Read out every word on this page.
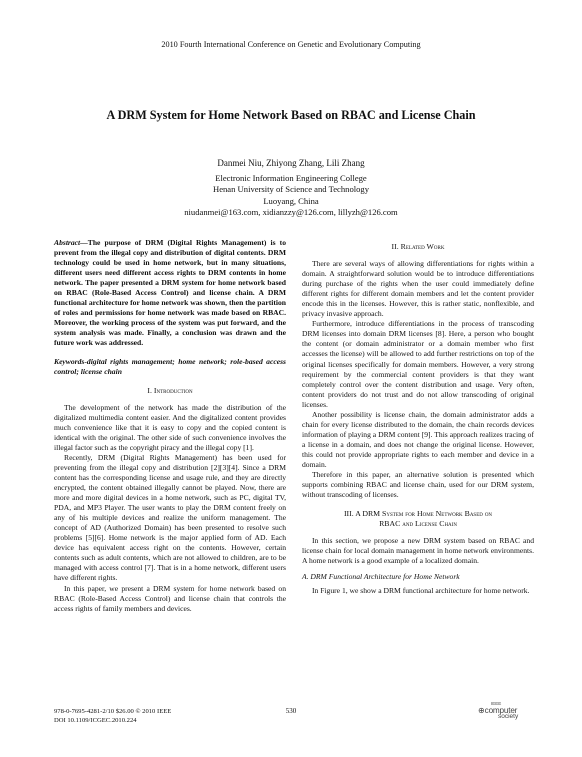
2010 Fourth International Conference on Genetic and Evolutionary Computing
A DRM System for Home Network Based on RBAC and License Chain
Danmei Niu, Zhiyong Zhang, Lili Zhang
Electronic Information Engineering College
Henan University of Science and Technology
Luoyang, China
niudanmei@163.com, xidianzzy@126.com, lillyzh@126.com

Abstract—The purpose of DRM (Digital Rights Management) is to prevent from the illegal copy and distribution of digital contents. DRM technology could be used in home network, but in many situations, different users need different access rights to DRM contents in home network. The paper presented a DRM system for home network based on RBAC (Role-Based Access Control) and license chain. A DRM functional architecture for home network was shown, then the partition of roles and permissions for home network was made based on RBAC. Moreover, the working process of the system was put forward, and the system analysis was made. Finally, a conclusion was drawn and the future work was addressed.

Keywords-digital rights management; home network; role-based access control; license chain

I. Introduction

The development of the network has made the distribution of the digitalized multimedia content easier. And the digitalized content provides much convenience like that it is easy to copy and the copied content is identical with the original. The other side of such convenience involves the illegal factor such as the copyright piracy and the illegal copy [1].

Recently, DRM (Digital Rights Management) has been used for preventing from the illegal copy and distribution [2][3][4]. Since a DRM content has the corresponding license and usage rule, and they are directly encrypted, the content obtained illegally cannot be played. Now, there are more and more digital devices in a home network, such as PC, digital TV, PDA, and MP3 Player. The user wants to play the DRM content freely on any of his multiple devices and realize the uniform management. The concept of AD (Authorized Domain) has been presented to resolve such problems [5][6]. Home network is the major applied form of AD. Each device has equivalent access right on the contents. However, certain contents such as adult contents, which are not allowed to children, are to be managed with access control [7]. That is in a home network, different users have different rights.

In this paper, we present a DRM system for home network based on RBAC (Role-Based Access Control) and license chain that controls the access rights of family members and devices.

II. Related Work

There are several ways of allowing differentiations for rights within a domain. A straightforward solution would be to introduce differentiations during purchase of the rights when the user could immediately define different rights for different domain members and let the content provider encode this in the licenses. However, this is rather static, nonflexible, and privacy invasive approach.

Furthermore, introduce differentiations in the process of transcoding DRM licenses into domain DRM licenses [8]. Here, a person who bought the content (or domain administrator or a domain member who first accesses the license) will be allowed to add further restrictions on top of the original licenses specifically for domain members. However, a very strong requirement by the commercial content providers is that they want completely control over the content distribution and usage. Very often, content providers do not trust and do not allow transcoding of original licenses.

Another possibility is license chain, the domain administrator adds a chain for every license distributed to the domain, the chain records devices information of playing a DRM content [9]. This approach realizes tracing of a license in a domain, and does not change the original license. However, this could not provide appropriate rights to each member and device in a domain.

Therefore in this paper, an alternative solution is presented which supports combining RBAC and license chain, used for our DRM system, without transcoding of licenses.

III. A DRM System for Home Network Based on
RBAC and License Chain

In this section, we propose a new DRM system based on RBAC and license chain for local domain management in home network environments. A home network is a good example of a localized domain.

A. DRM Functional Architecture for Home Network

In Figure 1, we show a DRM functional architecture for home network.

978-0-7695-4281-2/10 $26.00 © 2010 IEEE
DOI 10.1109/ICGEC.2010.224
530
IEEE
⊕computer
society
